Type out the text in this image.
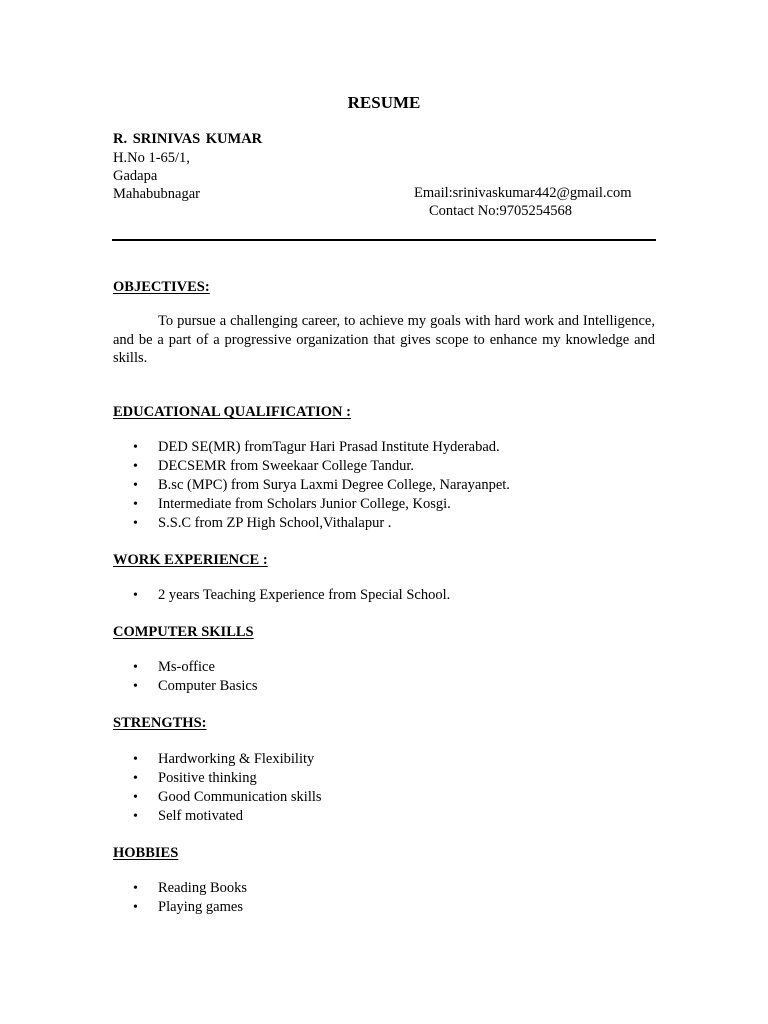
RESUME
R. SRINIVAS KUMAR
H.No 1-65/1,
Gadapa
Mahabubnagar	Email:srinivaskumar442@gmail.com
Contact No:9705254568
OBJECTIVES:
To pursue a challenging career, to achieve my goals with hard work and Intelligence, and be a part of a progressive organization that gives scope to enhance my knowledge and skills.
EDUCATIONAL QUALIFICATION :
• DED SE(MR) fromTagur Hari Prasad Institute Hyderabad.
• DECSEMR from Sweekaar College Tandur.
• B.sc (MPC) from Surya Laxmi Degree College, Narayanpet.
• Intermediate from Scholars Junior College, Kosgi.
• S.S.C from ZP High School,Vithalapur .
WORK EXPERIENCE :
• 2 years Teaching Experience from Special School.
COMPUTER SKILLS
• Ms-office
• Computer Basics
STRENGTHS:
• Hardworking & Flexibility
• Positive thinking
• Good Communication skills
• Self motivated
HOBBIES
• Reading Books
• Playing games
